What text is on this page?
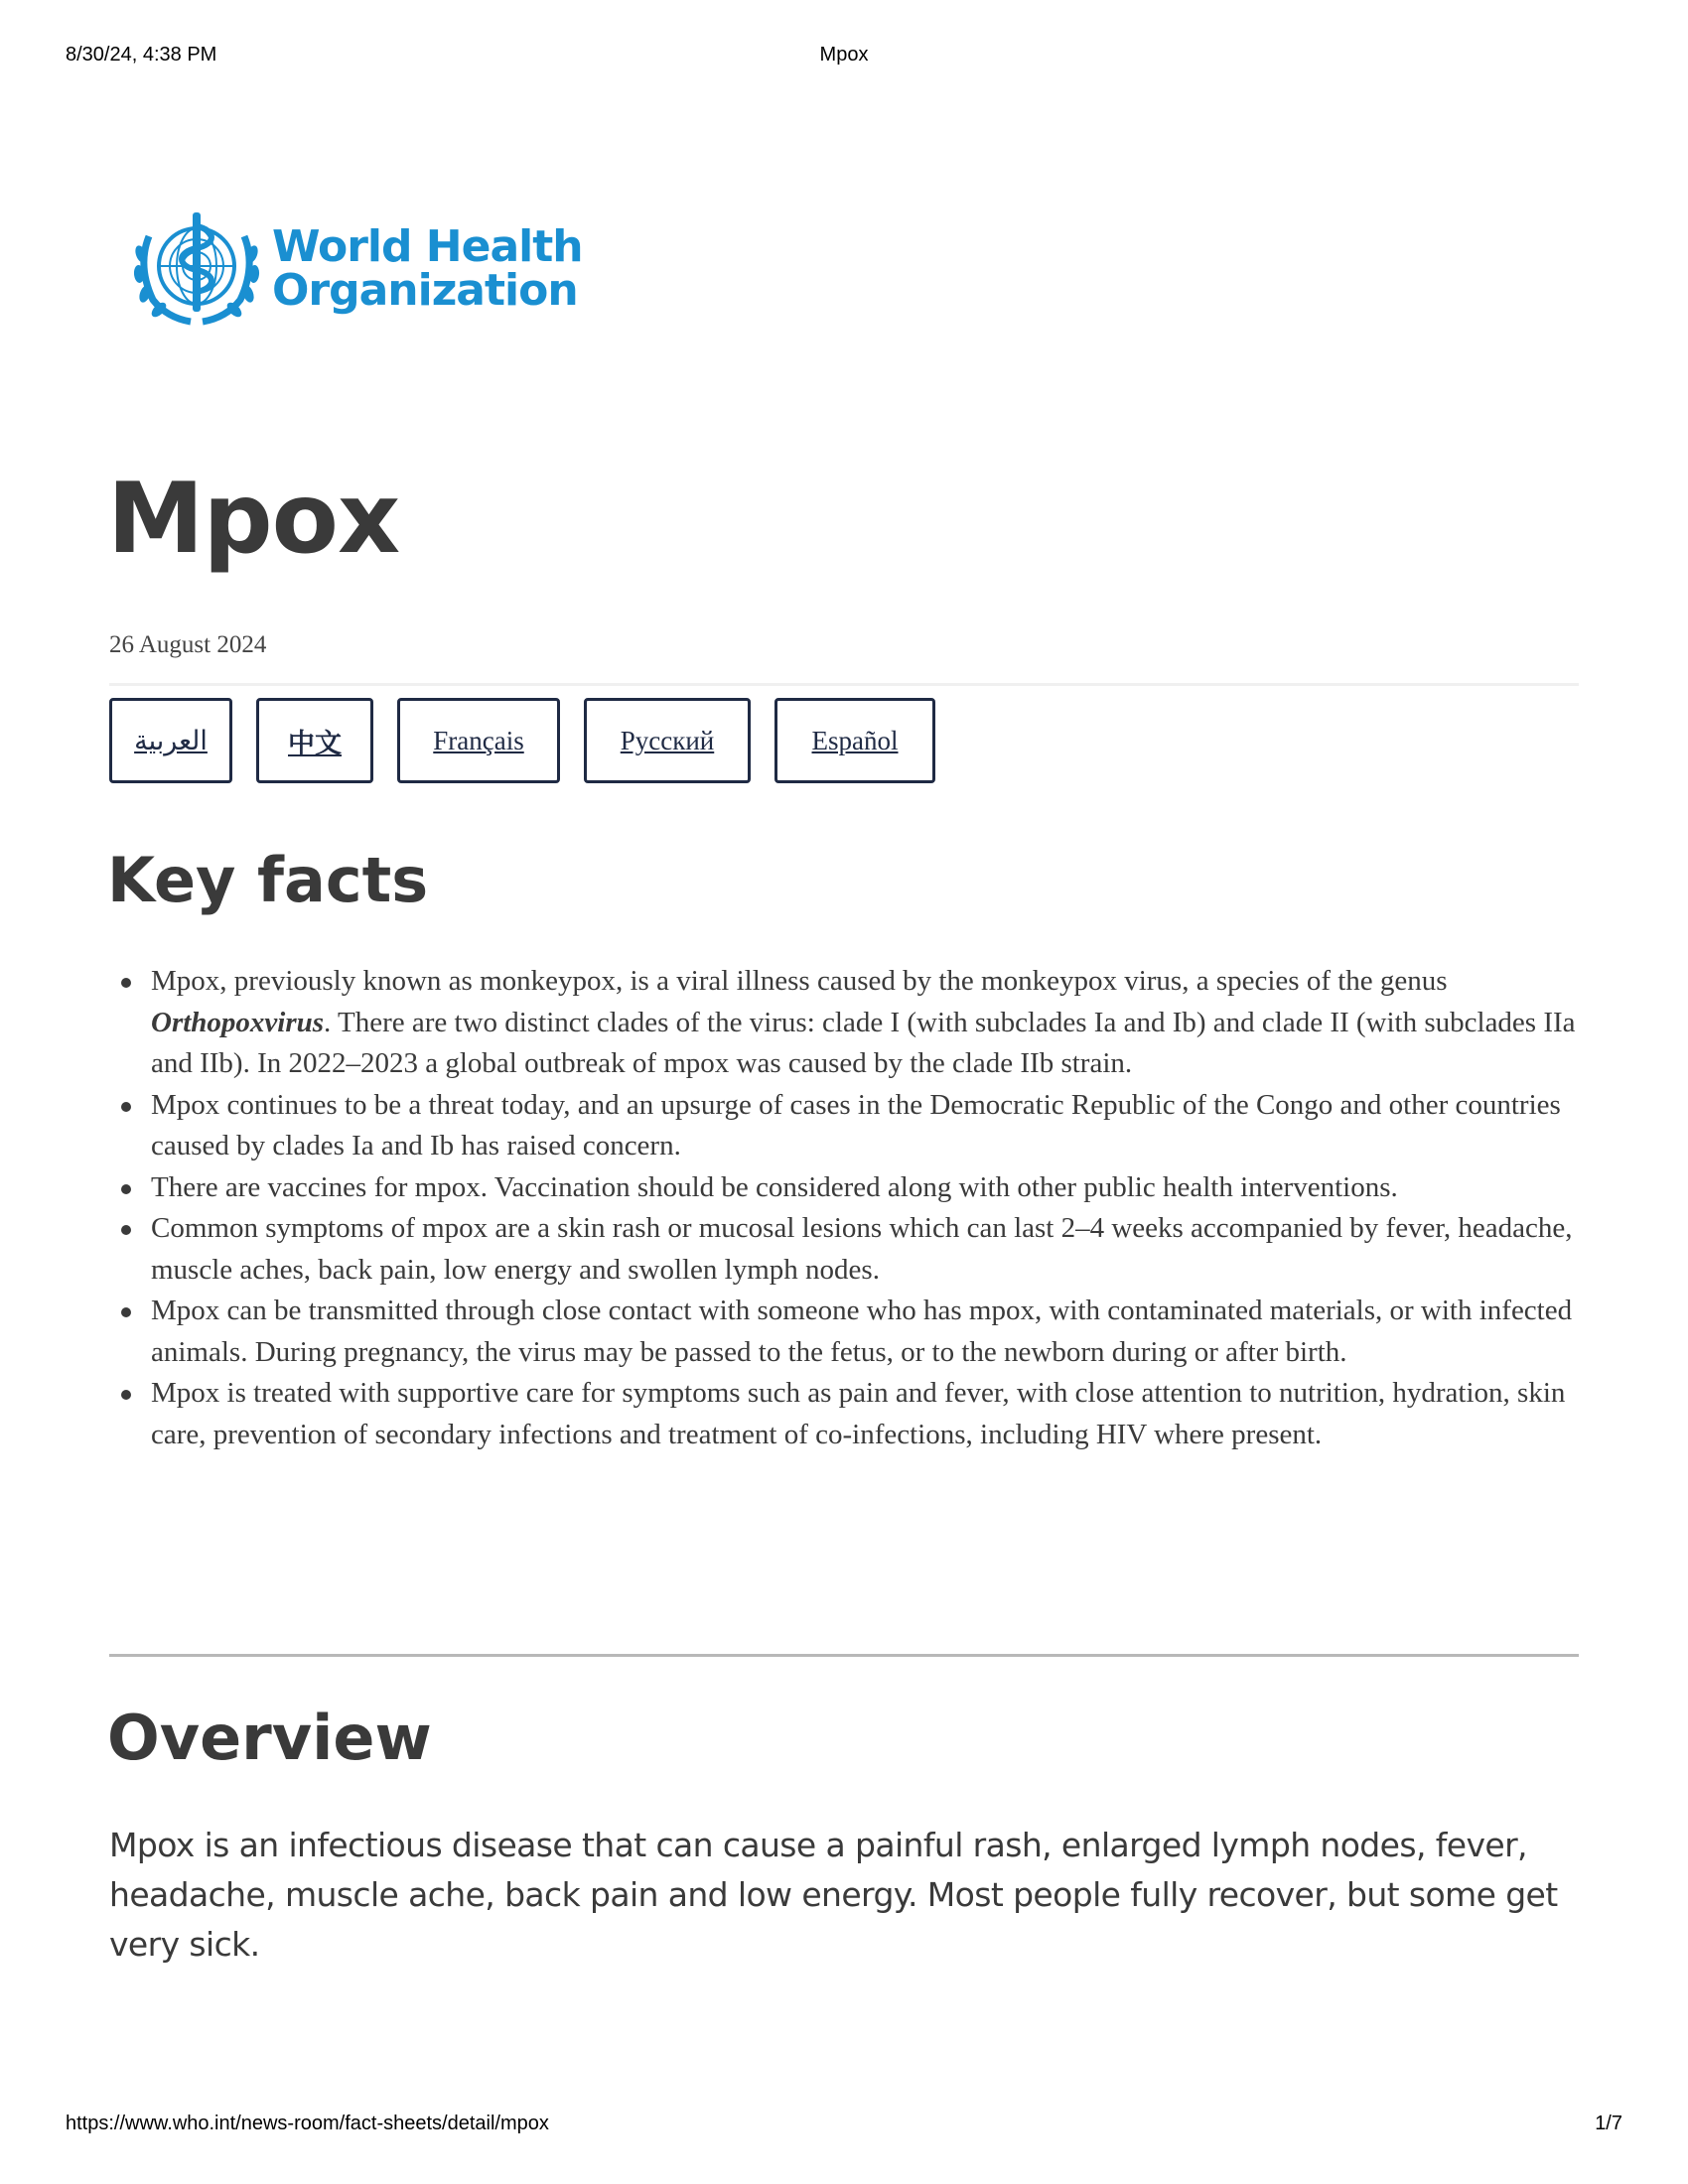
8/30/24, 4:38 PM	Mpox
World Health
Organization
Mpox
26 August 2024
العربية	中文	Français	Русский	Español
Key facts
Mpox, previously known as monkeypox, is a viral illness caused by the monkeypox virus, a species of the genus Orthopoxvirus. There are two distinct clades of the virus: clade I (with subclades Ia and Ib) and clade II (with subclades IIa and IIb). In 2022–2023 a global outbreak of mpox was caused by the clade IIb strain.
Mpox continues to be a threat today, and an upsurge of cases in the Democratic Republic of the Congo and other countries caused by clades Ia and Ib has raised concern.
There are vaccines for mpox. Vaccination should be considered along with other public health interventions.
Common symptoms of mpox are a skin rash or mucosal lesions which can last 2–4 weeks accompanied by fever, headache, muscle aches, back pain, low energy and swollen lymph nodes.
Mpox can be transmitted through close contact with someone who has mpox, with contaminated materials, or with infected animals. During pregnancy, the virus may be passed to the fetus, or to the newborn during or after birth.
Mpox is treated with supportive care for symptoms such as pain and fever, with close attention to nutrition, hydration, skin care, prevention of secondary infections and treatment of co-infections, including HIV where present.
Overview

Mpox is an infectious disease that can cause a painful rash, enlarged lymph nodes, fever, headache, muscle ache, back pain and low energy. Most people fully recover, but some get very sick.

https://www.who.int/news-room/fact-sheets/detail/mpox	1/7
